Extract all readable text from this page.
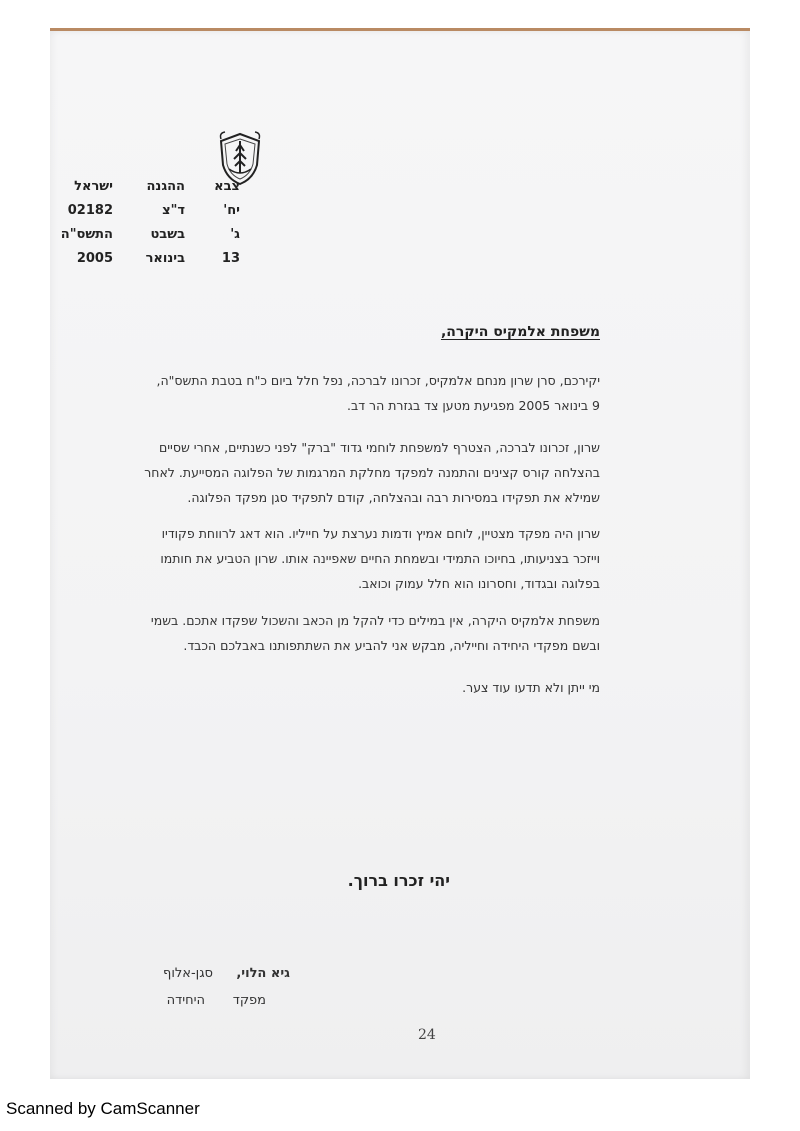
צבא
ההגנה
ישראל
יח'
ד"צ
02182
ג'
בשבט
התשס"ה
13
בינואר
2005
משפחת אלמקיס היקרה,
יקירכם, סרן שרון מנחם אלמקיס, זכרונו לברכה, נפל חלל ביום כ"ח בטבת התשס"ה,
9 בינואר 2005 מפגיעת מטען צד בגזרת הר דב.
שרון, זכרונו לברכה, הצטרף למשפחת לוחמי גדוד "ברק" לפני כשנתיים, אחרי שסיים
בהצלחה קורס קצינים והתמנה למפקד מחלקת המרגמות של הפלוגה המסייעת. לאחר
שמילא את תפקידו במסירות רבה ובהצלחה, קודם לתפקיד סגן מפקד הפלוגה.
שרון היה מפקד מצטיין, לוחם אמיץ ודמות נערצת על חייליו. הוא דאג לרווחת פקודיו
וייזכר בצניעותו, בחיוכו התמידי ובשמחת החיים שאפיינה אותו. שרון הטביע את חותמו
בפלוגה ובגדוד, וחסרונו הוא חלל עמוק וכואב.
משפחת אלמקיס היקרה, אין במילים כדי להקל מן הכאב והשכול שפקדו אתכם. בשמי
ובשם מפקדי היחידה וחייליה, מבקש אני להביע את השתתפותנו באבלכם הכבד.
מי ייתן ולא תדעו עוד צער.
יהי זכרו ברוך.
גיא הלוי,
סגן-אלוף
מפקד
היחידה
24
Scanned by CamScanner
